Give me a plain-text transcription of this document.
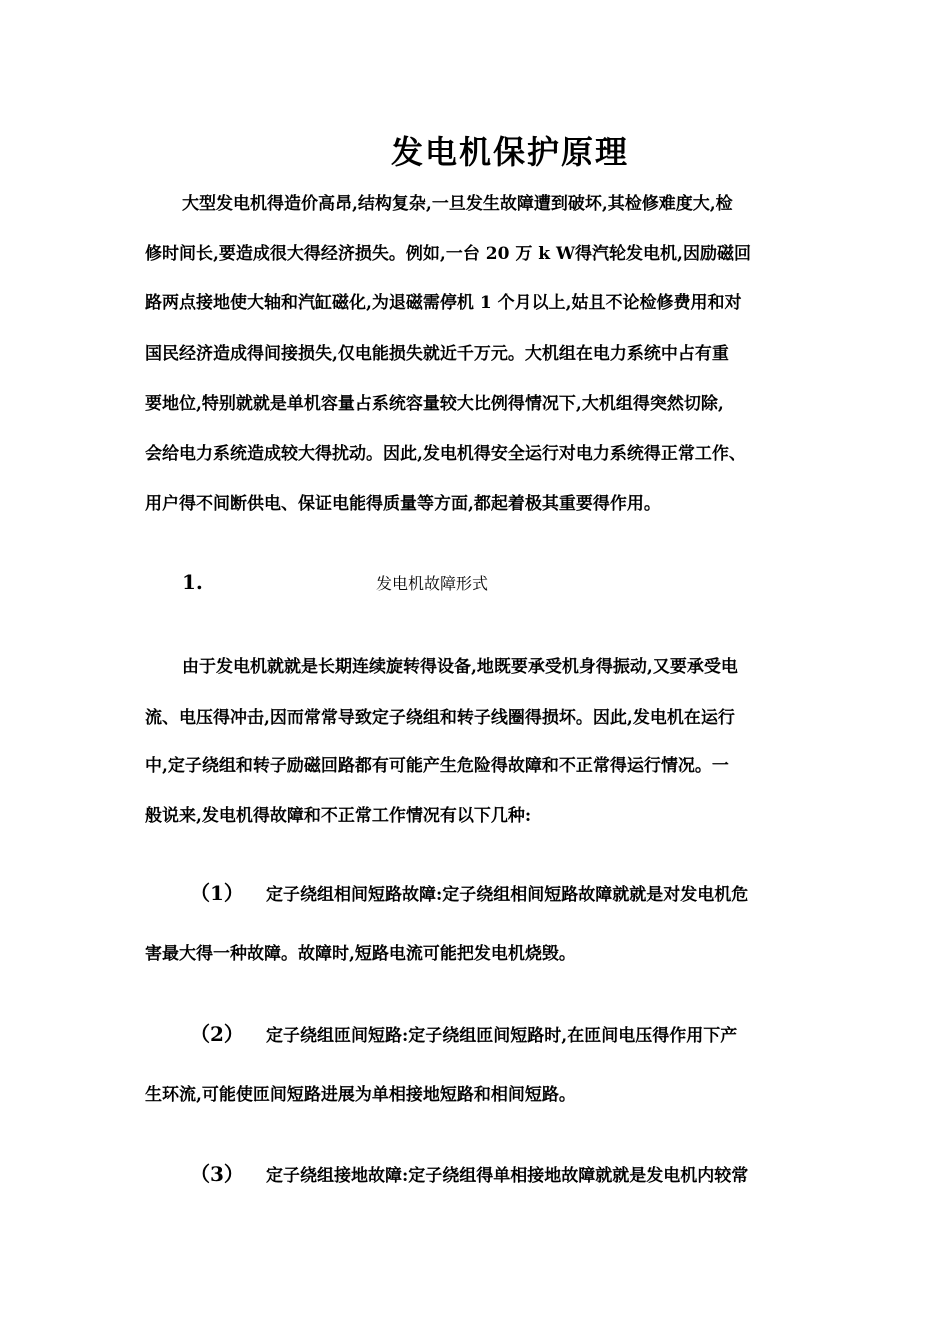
发电机保护原理
大型发电机得造价高昂,结构复杂,一旦发生故障遭到破坏,其检修难度大,检
修时间长,要造成很大得经济损失。例如,一台 20 万 k W得汽轮发电机,因励磁回
路两点接地使大轴和汽缸磁化,为退磁需停机 1 个月以上,姑且不论检修费用和对
国民经济造成得间接损失,仅电能损失就近千万元。大机组在电力系统中占有重
要地位,特别就就是单机容量占系统容量较大比例得情况下,大机组得突然切除,
会给电力系统造成较大得扰动。因此,发电机得安全运行对电力系统得正常工作、
用户得不间断供电、保证电能得质量等方面,都起着极其重要得作用。
1.	发电机故障形式
由于发电机就就是长期连续旋转得设备,地既要承受机身得振动,又要承受电
流、电压得冲击,因而常常导致定子绕组和转子线圈得损坏。因此,发电机在运行
中,定子绕组和转子励磁回路都有可能产生危险得故障和不正常得运行情况。一
般说来,发电机得故障和不正常工作情况有以下几种:
（1） 定子绕组相间短路故障:定子绕组相间短路故障就就是对发电机危
害最大得一种故障。故障时,短路电流可能把发电机烧毁。
（2） 定子绕组匝间短路:定子绕组匝间短路时,在匝间电压得作用下产
生环流,可能使匝间短路进展为单相接地短路和相间短路。
（3） 定子绕组接地故障:定子绕组得单相接地故障就就是发电机内较常
